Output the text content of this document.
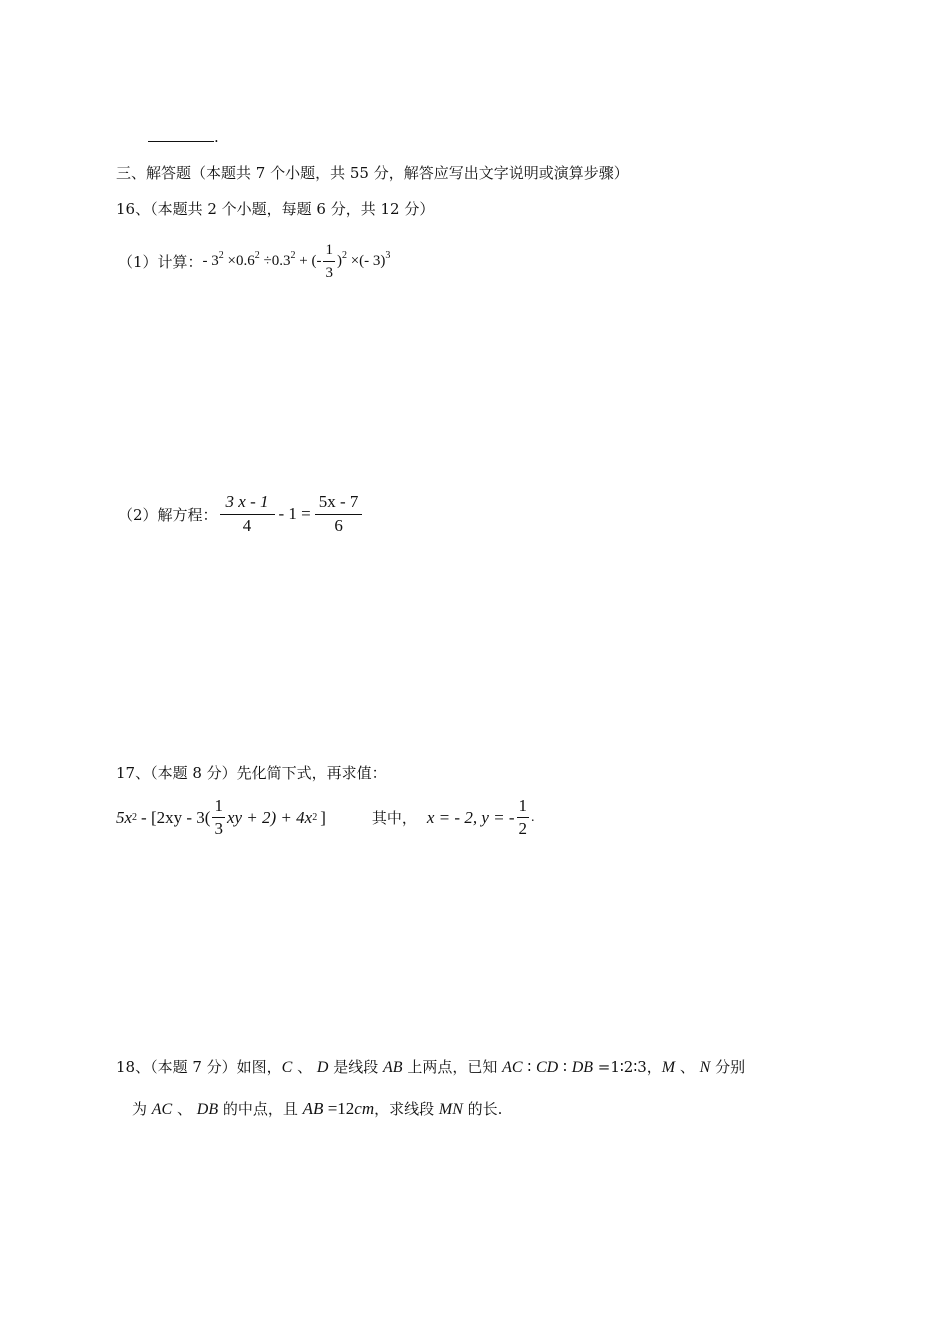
.
三、解答题（本题共 7 个小题，共 55 分，解答应写出文字说明或演算步骤）
16、（本题共 2 个小题，每题 6 分，共 12 分）
（1）计算： - $3^2 \times 0.6^2 \div 0.3^2$ + (- $\frac{1}{3} )^2$ ×(- 3)$^3$
（2）解方程： $\frac{3 x - 1}{4} - 1 = \frac{5x - 7}{6}$
17、（本题 8 分）先化简下式，再求值：
5x $2 - [2xy - 3( \frac{1}{3}$ xy + 2) + 4x 2 ]	其中， x = - 2, y = - $\frac{1}{2}$ .
18、（本题 7 分）如图，C 、 D 是线段 AB 上两点，已知 AC ∶ CD ∶ DB =1∶2∶3，M 、 N 分别
为 AC 、 DB 的中点，且 AB =12cm，求线段 MN 的长.
